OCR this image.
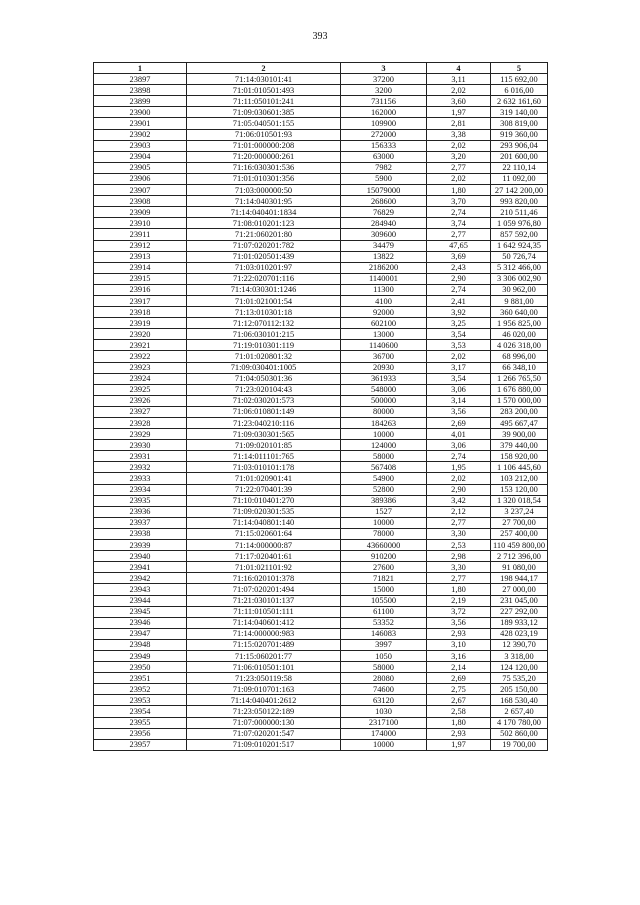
393
1	2	3	4	5
23897	71:14:030101:41	37200	3,11	115 692,00
23898	71:01:010501:493	3200	2,02	6 016,00
23899	71:11:050101:241	731156	3,60	2 632 161,60
23900	71:09:030601:385	162000	1,97	319 140,00
23901	71:05:040501:155	109900	2,81	308 819,00
23902	71:06:010501:93	272000	3,38	919 360,00
23903	71:01:000000:208	156333	2,02	293 906,04
23904	71:20:000000:261	63000	3,20	201 600,00
23905	71:16:030301:536	7982	2,77	22 110,14
23906	71:01:010301:356	5900	2,02	11 092,00
23907	71:03:000000:50	15079000	1,80	27 142 200,00
23908	71:14:040301:95	268600	3,70	993 820,00
23909	71:14:040401:1834	76829	2,74	210 511,46
23910	71:08:010201:123	284940	3,74	1 059 976,80
23911	71:21:060201:80	309600	2,77	857 592,00
23912	71:07:020201:782	34479	47,65	1 642 924,35
23913	71:01:020501:439	13822	3,69	50 726,74
23914	71:03:010201:97	2186200	2,43	5 312 466,00
23915	71:22:020701:116	1140001	2,90	3 306 002,90
23916	71:14:030301:1246	11300	2,74	30 962,00
23917	71:01:021001:54	4100	2,41	9 881,00
23918	71:13:010301:18	92000	3,92	360 640,00
23919	71:12:070112:132	602100	3,25	1 956 825,00
23920	71:06:030101:215	13000	3,54	46 020,00
23921	71:19:010301:119	1140600	3,53	4 026 318,00
23922	71:01:020801:32	36700	2,02	68 996,00
23923	71:09:030401:1005	20930	3,17	66 348,10
23924	71:04:050301:36	361933	3,54	1 266 765,50
23925	71:23:020104:43	548000	3,06	1 676 880,00
23926	71:02:030201:573	500000	3,14	1 570 000,00
23927	71:06:010801:149	80000	3,56	283 200,00
23928	71:23:040210:116	184263	2,69	495 667,47
23929	71:09:030301:565	10000	4,01	39 900,00
23930	71:09:020101:85	124000	3,06	379 440,00
23931	71:14:011101:765	58000	2,74	158 920,00
23932	71:03:010101:178	567408	1,95	1 106 445,60
23933	71:01:020901:41	54900	2,02	103 212,00
23934	71:22:070401:39	52800	2,90	153 120,00
23935	71:10:010401:270	389386	3,42	1 320 018,54
23936	71:09:020301:535	1527	2,12	3 237,24
23937	71:14:040801:140	10000	2,77	27 700,00
23938	71:15:020601:64	78000	3,30	257 400,00
23939	71:14:000000:87	43660000	2,53	110 459 800,00
23940	71:17:020401:61	910200	2,98	2 712 396,00
23941	71:01:021101:92	27600	3,30	91 080,00
23942	71:16:020101:378	71821	2,77	198 944,17
23943	71:07:020201:494	15000	1,80	27 000,00
23944	71:21:030101:137	105500	2,19	231 045,00
23945	71:11:010501:111	61100	3,72	227 292,00
23946	71:14:040601:412	53352	3,56	189 933,12
23947	71:14:000000:983	146083	2,93	428 023,19
23948	71:15:020701:489	3997	3,10	12 390,70
23949	71:15:060201:77	1050	3,16	3 318,00
23950	71:06:010501:101	58000	2,14	124 120,00
23951	71:23:050119:58	28080	2,69	75 535,20
23952	71:09:010701:163	74600	2,75	205 150,00
23953	71:14:040401:2612	63120	2,67	168 530,40
23954	71:23:050122:189	1030	2,58	2 657,40
23955	71:07:000000:130	2317100	1,80	4 170 780,00
23956	71:07:020201:547	174000	2,93	502 860,00
23957	71:09:010201:517	10000	1,97	19 700,00
